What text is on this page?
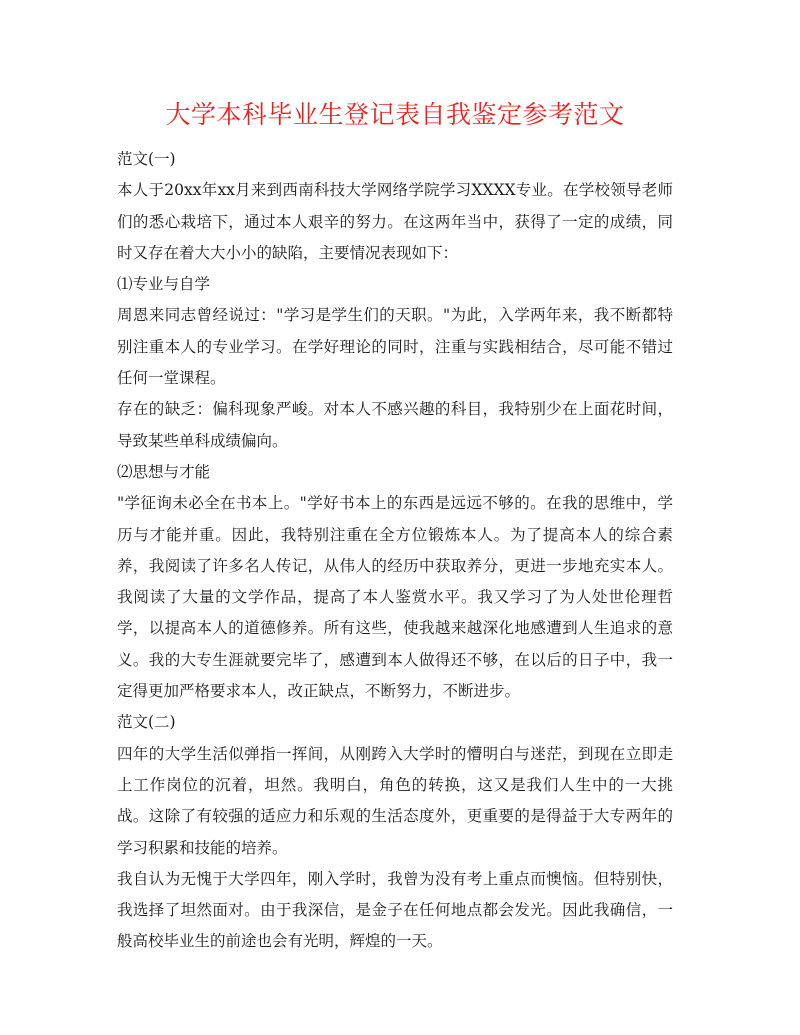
大学本科毕业生登记表自我鉴定参考范文

范文(一)

本人于20xx年xx月来到西南科技大学网络学院学习XXXX专业。在学校领导老师们的悉心栽培下，通过本人艰辛的努力。在这两年当中，获得了一定的成绩，同时又存在着大大小小的缺陷，主要情况表现如下：

⑴专业与自学

周恩来同志曾经说过："学习是学生们的天职。"为此，入学两年来，我不断都特别注重本人的专业学习。在学好理论的同时，注重与实践相结合，尽可能不错过任何一堂课程。

存在的缺乏：偏科现象严峻。对本人不感兴趣的科目，我特别少在上面花时间，导致某些单科成绩偏向。

⑵思想与才能

"学征询未必全在书本上。"学好书本上的东西是远远不够的。在我的思维中，学历与才能并重。因此，我特别注重在全方位锻炼本人。为了提高本人的综合素养，我阅读了许多名人传记，从伟人的经历中获取养分，更进一步地充实本人。我阅读了大量的文学作品，提高了本人鉴赏水平。我又学习了为人处世伦理哲学，以提高本人的道德修养。所有这些，使我越来越深化地感遭到人生追求的意义。我的大专生涯就要完毕了，感遭到本人做得还不够，在以后的日子中，我一定得更加严格要求本人，改正缺点，不断努力，不断进步。

范文(二)

四年的大学生活似弹指一挥间，从刚跨入大学时的懵明白与迷茫，到现在立即走上工作岗位的沉着，坦然。我明白，角色的转换，这又是我们人生中的一大挑战。这除了有较强的适应力和乐观的生活态度外，更重要的是得益于大专两年的学习积累和技能的培养。

我自认为无愧于大学四年，刚入学时，我曾为没有考上重点而懊恼。但特别快，我选择了坦然面对。由于我深信，是金子在任何地点都会发光。因此我确信，一般高校毕业生的前途也会有光明，辉煌的一天。
